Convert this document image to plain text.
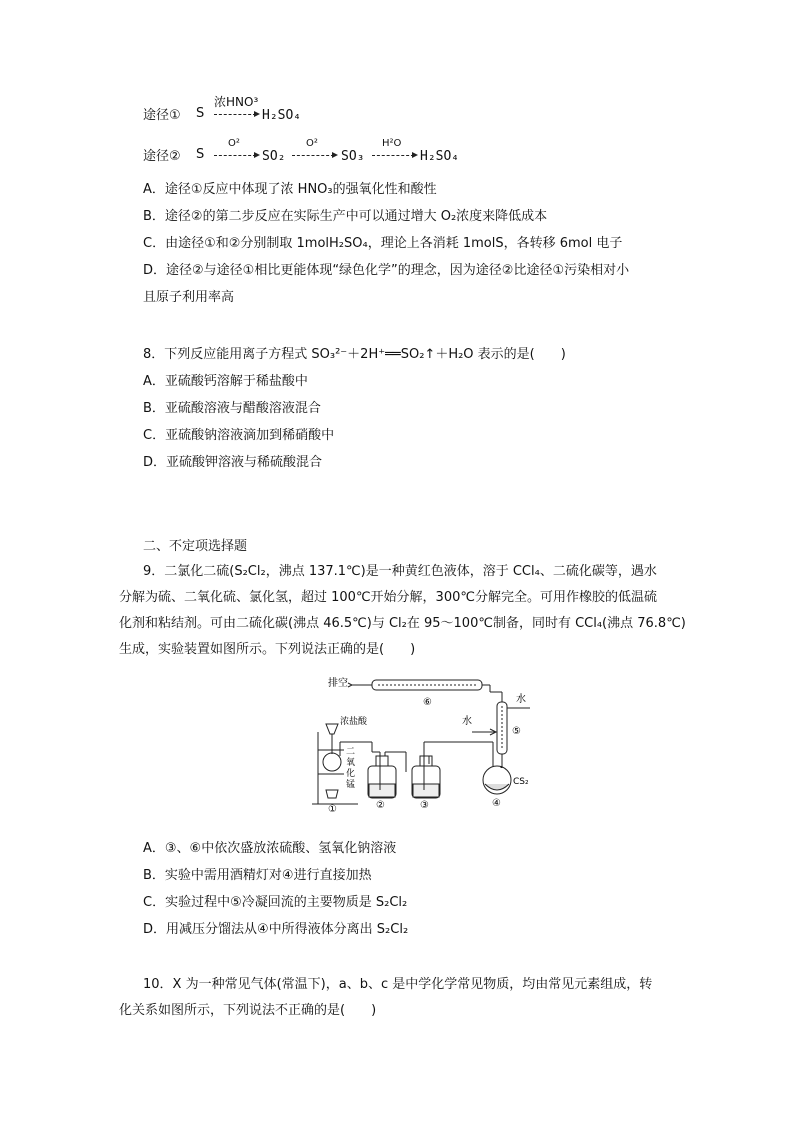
途径① S
浓HNO³
H₂SO₄
途径② S
O²
SO₂
O²
SO₃
H²O
H₂SO₄
A．途径①反应中体现了浓 HNO₃的强氧化性和酸性
B．途径②的第二步反应在实际生产中可以通过增大 O₂浓度来降低成本
C．由途径①和②分别制取 1molH₂SO₄，理论上各消耗 1molS，各转移 6mol 电子
D．途径②与途径①相比更能体现“绿色化学”的理念，因为途径②比途径①污染相对小
且原子利用率高
8．下列反应能用离子方程式 SO₃²⁻＋2H⁺══SO₂↑＋H₂O 表示的是(　　)
A．亚硫酸钙溶解于稀盐酸中
B．亚硫酸溶液与醋酸溶液混合
C．亚硫酸钠溶液滴加到稀硝酸中
D．亚硫酸钾溶液与稀硫酸混合
二、不定项选择题
9．二氯化二硫(S₂Cl₂，沸点 137.1℃)是一种黄红色液体，溶于 CCl₄、二硫化碳等，遇水
分解为硫、二氧化硫、氯化氢，超过 100℃开始分解，300℃分解完全。可用作橡胶的低温硫
化剂和粘结剂。可由二硫化碳(沸点 46.5℃)与 Cl₂在 95～100℃制备，同时有 CCl₄(沸点 76.8℃)
生成，实验装置如图所示。下列说法正确的是(　　)
排空
⑥	水
水
⑤
CS₂
④
③
②
浓盐酸
二
氧
化
锰
①
A．③、⑥中依次盛放浓硫酸、氢氧化钠溶液
B．实验中需用酒精灯对④进行直接加热
C．实验过程中⑤冷凝回流的主要物质是 S₂Cl₂
D．用减压分馏法从④中所得液体分离出 S₂Cl₂
10．X 为一种常见气体(常温下)，a、b、c 是中学化学常见物质，均由常见元素组成，转
化关系如图所示，下列说法不正确的是(　　)
